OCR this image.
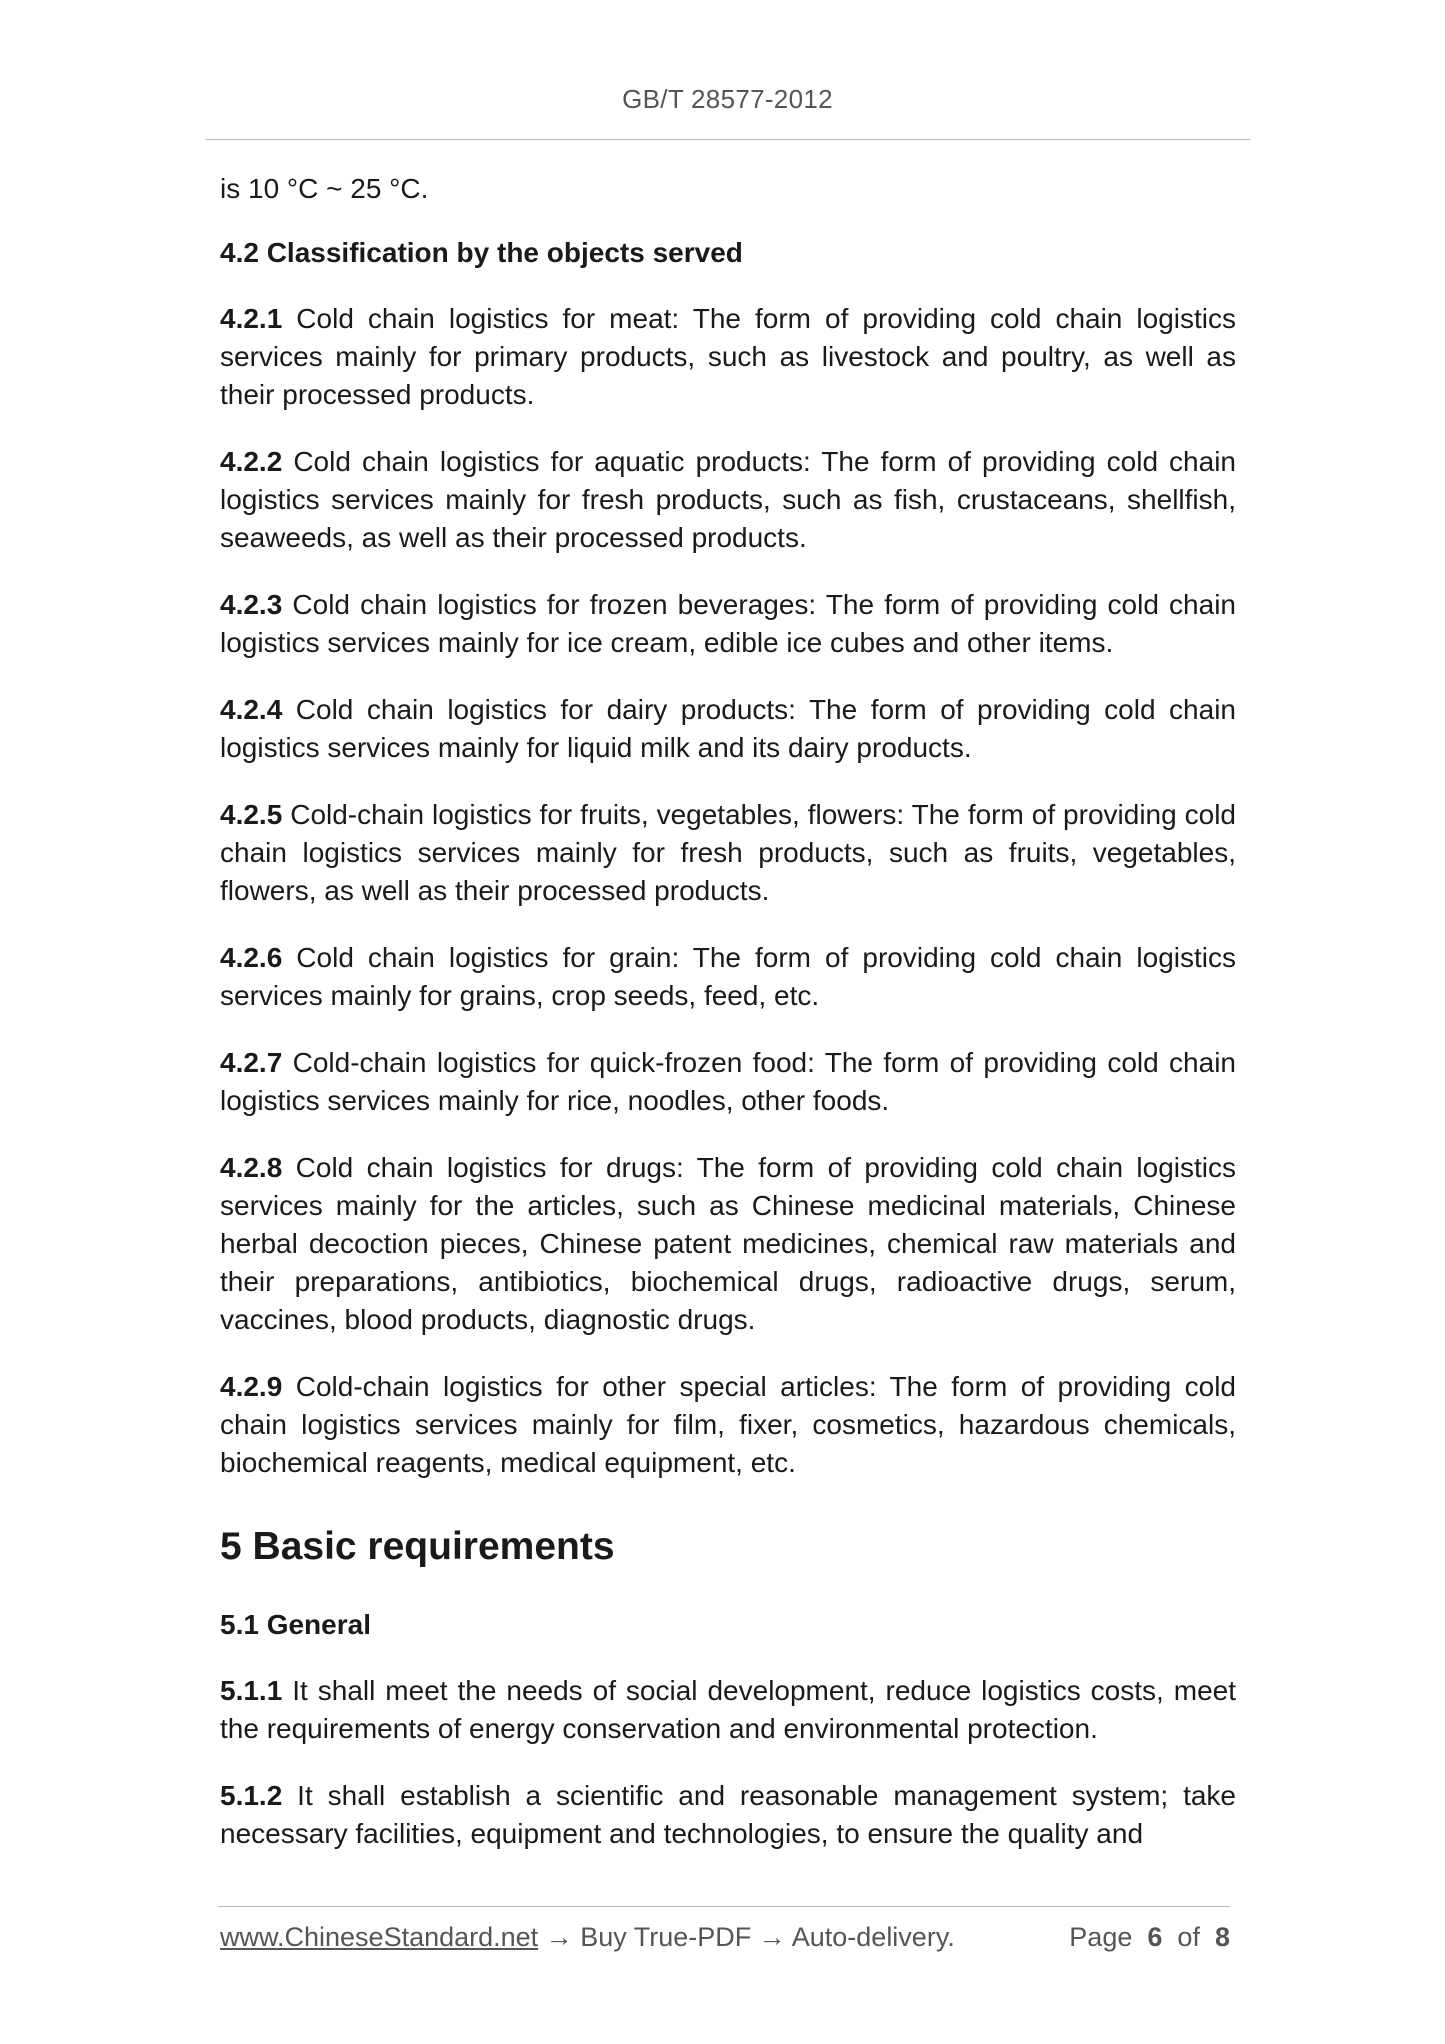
GB/T 28577-2012

is 10 °C ~ 25 °C.

4.2 Classification by the objects served

4.2.1 Cold chain logistics for meat: The form of providing cold chain logistics services mainly for primary products, such as livestock and poultry, as well as their processed products.

4.2.2 Cold chain logistics for aquatic products: The form of providing cold chain logistics services mainly for fresh products, such as fish, crustaceans, shellfish, seaweeds, as well as their processed products.

4.2.3 Cold chain logistics for frozen beverages: The form of providing cold chain logistics services mainly for ice cream, edible ice cubes and other items.

4.2.4 Cold chain logistics for dairy products: The form of providing cold chain logistics services mainly for liquid milk and its dairy products.

4.2.5 Cold-chain logistics for fruits, vegetables, flowers: The form of providing cold chain logistics services mainly for fresh products, such as fruits, vegetables, flowers, as well as their processed products.

4.2.6 Cold chain logistics for grain: The form of providing cold chain logistics services mainly for grains, crop seeds, feed, etc.

4.2.7 Cold-chain logistics for quick-frozen food: The form of providing cold chain logistics services mainly for rice, noodles, other foods.

4.2.8 Cold chain logistics for drugs: The form of providing cold chain logistics services mainly for the articles, such as Chinese medicinal materials, Chinese herbal decoction pieces, Chinese patent medicines, chemical raw materials and their preparations, antibiotics, biochemical drugs, radioactive drugs, serum, vaccines, blood products, diagnostic drugs.

4.2.9 Cold-chain logistics for other special articles: The form of providing cold chain logistics services mainly for film, fixer, cosmetics, hazardous chemicals, biochemical reagents, medical equipment, etc.

5 Basic requirements
5.1 General

5.1.1 It shall meet the needs of social development, reduce logistics costs, meet the requirements of energy conservation and environmental protection.

5.1.2 It shall establish a scientific and reasonable management system; take necessary facilities, equipment and technologies, to ensure the quality and

www.ChineseStandard.net → Buy True-PDF → Auto-delivery.	Page 6 of 8
